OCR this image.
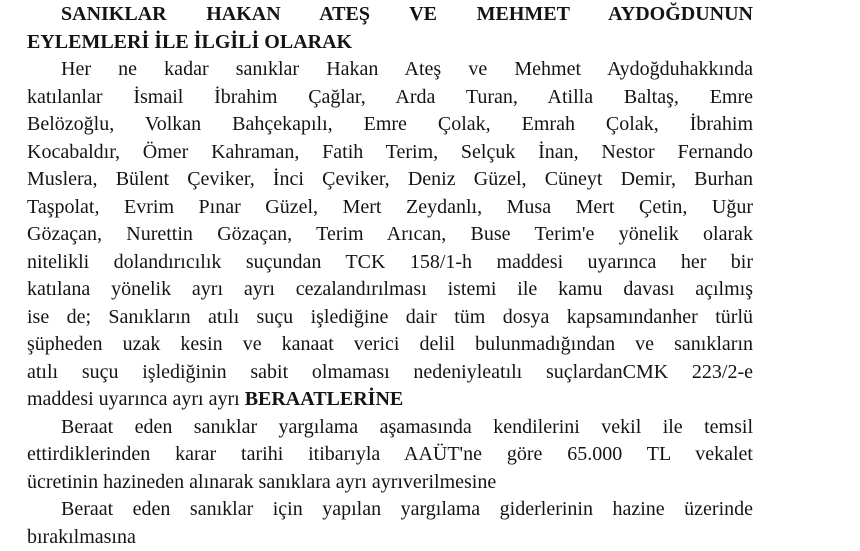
SANIKLAR HAKAN ATEŞ VE MEHMET AYDOĞDUNUN
EYLEMLERİ İLE İLGİLİ OLARAK
Her ne kadar sanıklar Hakan Ateş ve Mehmet Aydoğduhakkında
katılanlar İsmail İbrahim Çağlar, Arda Turan, Atilla Baltaş, Emre
Belözoğlu, Volkan Bahçekapılı, Emre Çolak, Emrah Çolak, İbrahim
Kocabaldır, Ömer Kahraman, Fatih Terim, Selçuk İnan, Nestor Fernando
Muslera, Bülent Çeviker, İnci Çeviker, Deniz Güzel, Cüneyt Demir, Burhan
Taşpolat, Evrim Pınar Güzel, Mert Zeydanlı, Musa Mert Çetin, Uğur
Gözaçan, Nurettin Gözaçan, Terim Arıcan, Buse Terim'e yönelik olarak
nitelikli dolandırıcılık suçundan TCK 158/1-h maddesi uyarınca her bir
katılana yönelik ayrı ayrı cezalandırılması istemi ile kamu davası açılmış
ise de; Sanıkların atılı suçu işlediğine dair tüm dosya kapsamındanher türlü
şüpheden uzak kesin ve kanaat verici delil bulunmadığından ve sanıkların
atılı suçu işlediğinin sabit olmaması nedeniyleatılı suçlardanCMK 223/2-e
maddesi uyarınca ayrı ayrı BERAATLERİNE
Beraat eden sanıklar yargılama aşamasında kendilerini vekil ile temsil
ettirdiklerinden karar tarihi itibarıyla AAÜT'ne göre 65.000 TL vekalet
ücretinin hazineden alınarak sanıklara ayrı ayrıverilmesine
Beraat eden sanıklar için yapılan yargılama giderlerinin hazine üzerinde
bırakılmasına
